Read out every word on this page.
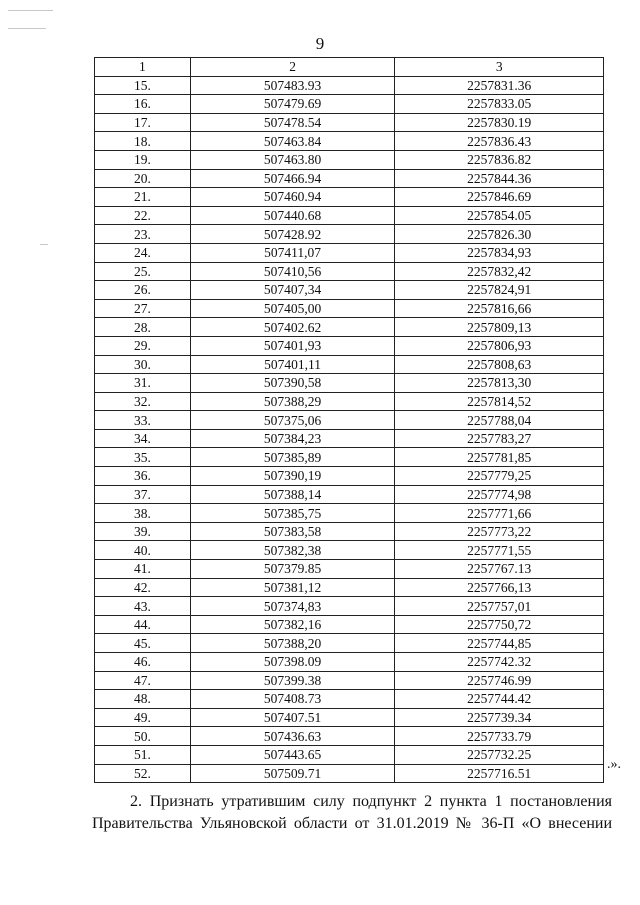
9
1	2	3
15.	507483.93	2257831.36
16.	507479.69	2257833.05
17.	507478.54	2257830.19
18.	507463.84	2257836.43
19.	507463.80	2257836.82
20.	507466.94	2257844.36
21.	507460.94	2257846.69
22.	507440.68	2257854.05
23.	507428.92	2257826.30
24.	507411,07	2257834,93
25.	507410,56	2257832,42
26.	507407,34	2257824,91
27.	507405,00	2257816,66
28.	507402.62	2257809,13
29.	507401,93	2257806,93
30.	507401,11	2257808,63
31.	507390,58	2257813,30
32.	507388,29	2257814,52
33.	507375,06	2257788,04
34.	507384,23	2257783,27
35.	507385,89	2257781,85
36.	507390,19	2257779,25
37.	507388,14	2257774,98
38.	507385,75	2257771,66
39.	507383,58	2257773,22
40.	507382,38	2257771,55
41.	507379.85	2257767.13
42.	507381,12	2257766,13
43.	507374,83	2257757,01
44.	507382,16	2257750,72
45.	507388,20	2257744,85
46.	507398.09	2257742.32
47.	507399.38	2257746.99
48.	507408.73	2257744.42
49.	507407.51	2257739.34
50.	507436.63	2257733.79
51.	507443.65	2257732.25
52.	507509.71	2257716.51
.».
2. Признать утратившим силу подпункт 2 пункта 1 постановления
Правительства Ульяновской области от 31.01.2019 № 36-П «О внесении
